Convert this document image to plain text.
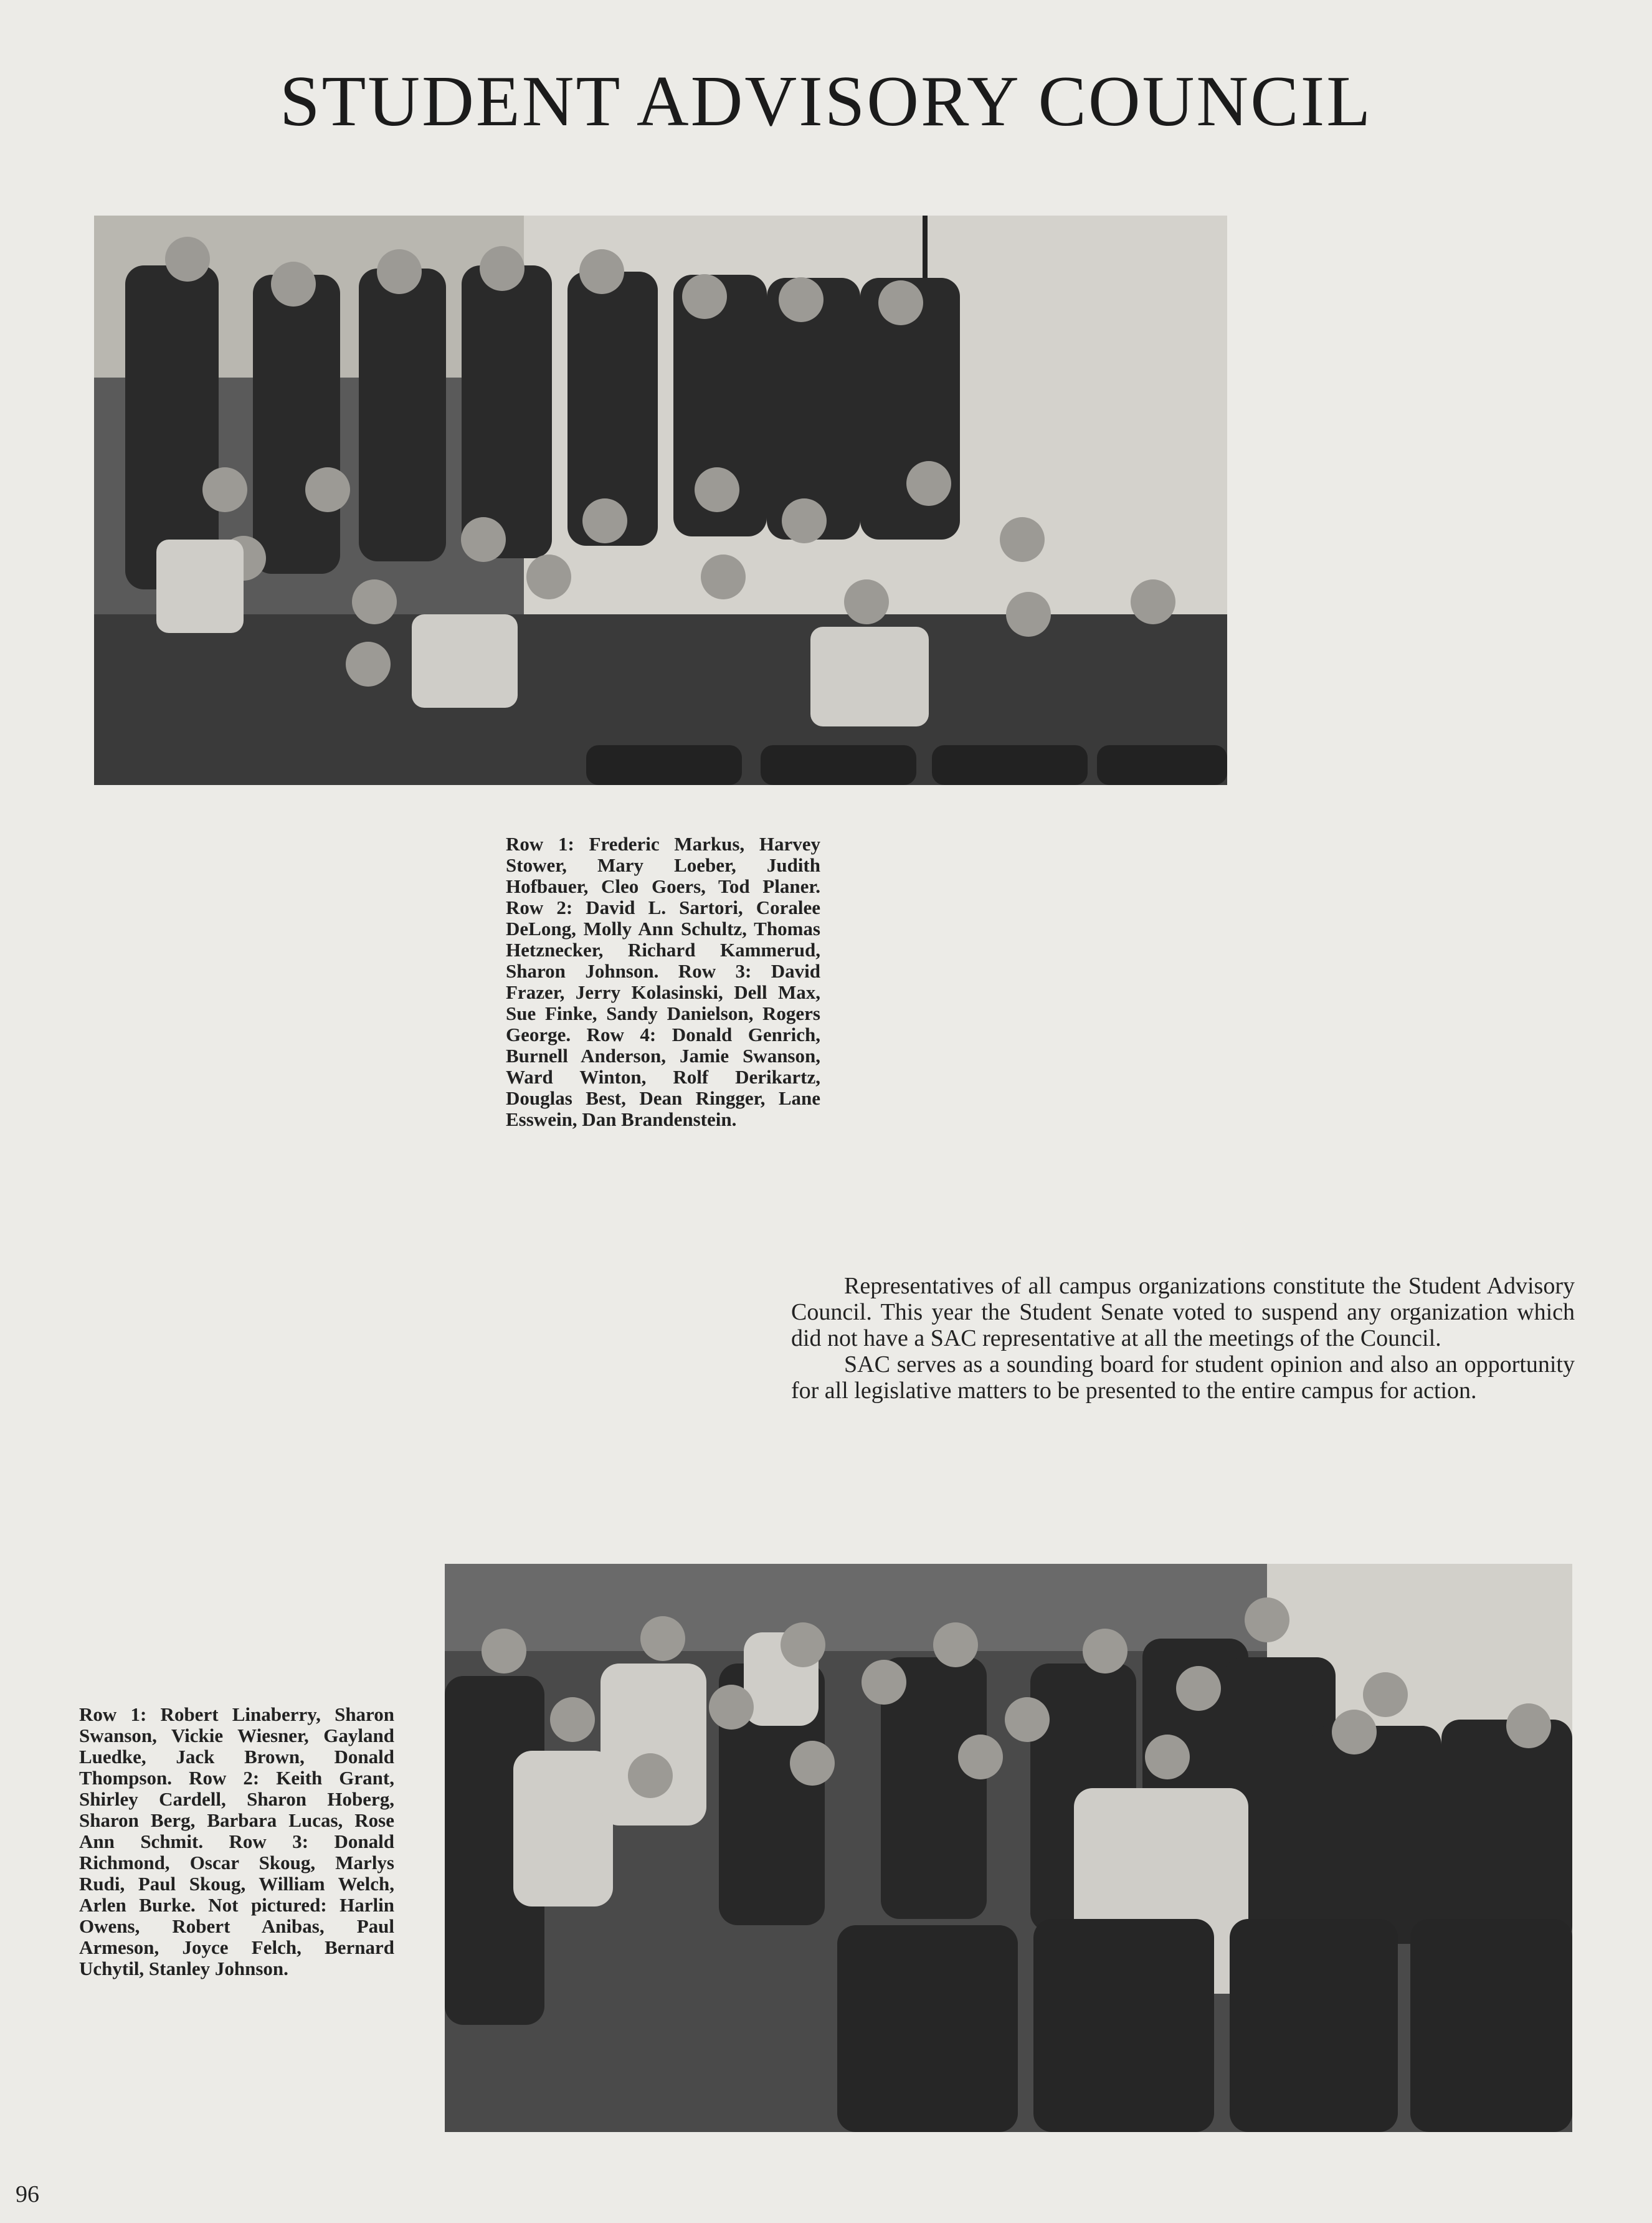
STUDENT ADVISORY COUNCIL
Row 1: Frederic Markus, Harvey Stower, Mary Loeber, Judith Hofbauer, Cleo Goers, Tod Planer. Row 2: David L. Sartori, Coralee DeLong, Molly Ann Schultz, Thomas Hetznecker, Richard Kammerud, Sharon Johnson. Row 3: David Frazer, Jerry Kolasinski, Dell Max, Sue Finke, Sandy Danielson, Rogers George. Row 4: Donald Genrich, Burnell Anderson, Jamie Swanson, Ward Winton, Rolf Derikartz, Douglas Best, Dean Ringger, Lane Esswein, Dan Brandenstein.

Representatives of all campus organizations constitute the Student Advisory Council. This year the Student Senate voted to suspend any organization which did not have a SAC representative at all the meetings of the Council.

SAC serves as a sounding board for student opinion and also an opportunity for all legislative matters to be presented to the entire campus for action.

Row 1: Robert Linaberry, Sharon Swanson, Vickie Wiesner, Gayland Luedke, Jack Brown, Donald Thompson. Row 2: Keith Grant, Shirley Cardell, Sharon Hoberg, Sharon Berg, Barbara Lucas, Rose Ann Schmit. Row 3: Donald Richmond, Oscar Skoug, Marlys Rudi, Paul Skoug, William Welch, Arlen Burke. Not pictured: Harlin Owens, Robert Anibas, Paul Armeson, Joyce Felch, Bernard Uchytil, Stanley Johnson.
96
